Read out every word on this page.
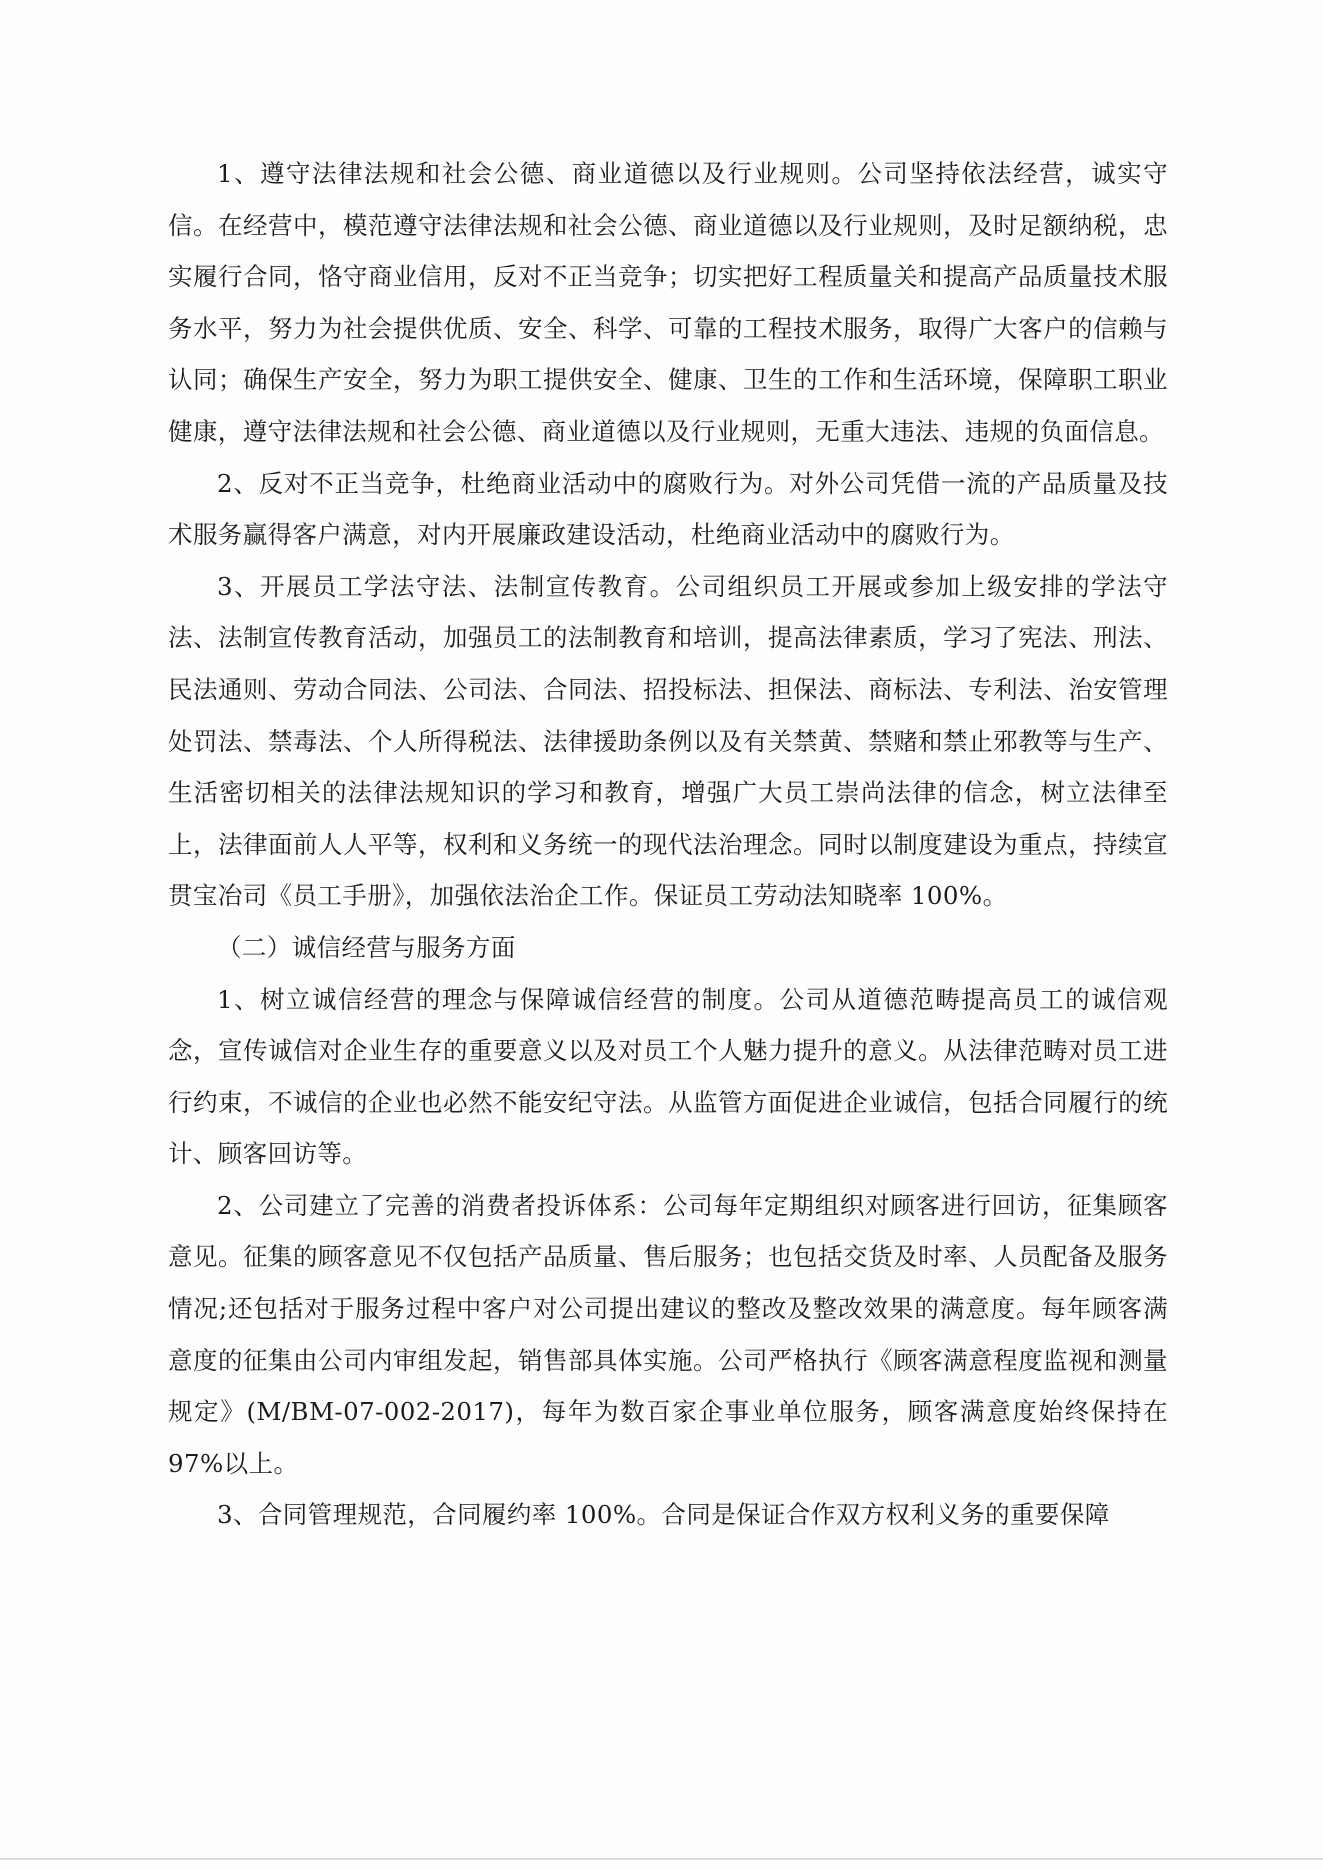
1、遵守法律法规和社会公德、商业道德以及行业规则。公司坚持依法经营，诚实守信。在经营中，模范遵守法律法规和社会公德、商业道德以及行业规则，及时足额纳税，忠实履行合同，恪守商业信用，反对不正当竞争；切实把好工程质量关和提高产品质量技术服务水平，努力为社会提供优质、安全、科学、可靠的工程技术服务，取得广大客户的信赖与认同；确保生产安全，努力为职工提供安全、健康、卫生的工作和生活环境，保障职工职业健康，遵守法律法规和社会公德、商业道德以及行业规则，无重大违法、违规的负面信息。

2、反对不正当竞争，杜绝商业活动中的腐败行为。对外公司凭借一流的产品质量及技术服务赢得客户满意，对内开展廉政建设活动，杜绝商业活动中的腐败行为。

3、开展员工学法守法、法制宣传教育。公司组织员工开展或参加上级安排的学法守法、法制宣传教育活动，加强员工的法制教育和培训，提高法律素质，学习了宪法、刑法、民法通则、劳动合同法、公司法、合同法、招投标法、担保法、商标法、专利法、治安管理处罚法、禁毒法、个人所得税法、法律援助条例以及有关禁黄、禁赌和禁止邪教等与生产、生活密切相关的法律法规知识的学习和教育，增强广大员工崇尚法律的信念，树立法律至上，法律面前人人平等，权利和义务统一的现代法治理念。同时以制度建设为重点，持续宣贯宝冶司《员工手册》，加强依法治企工作。保证员工劳动法知晓率 100%。

（二）诚信经营与服务方面

1、树立诚信经营的理念与保障诚信经营的制度。公司从道德范畴提高员工的诚信观念，宣传诚信对企业生存的重要意义以及对员工个人魅力提升的意义。从法律范畴对员工进行约束，不诚信的企业也必然不能安纪守法。从监管方面促进企业诚信，包括合同履行的统计、顾客回访等。

2、公司建立了完善的消费者投诉体系：公司每年定期组织对顾客进行回访，征集顾客意见。征集的顾客意见不仅包括产品质量、售后服务；也包括交货及时率、人员配备及服务情况;还包括对于服务过程中客户对公司提出建议的整改及整改效果的满意度。每年顾客满意度的征集由公司内审组发起，销售部具体实施。公司严格执行《顾客满意程度监视和测量规定》(M/BM-07-002-2017)，每年为数百家企事业单位服务，顾客满意度始终保持在 97%以上。

3、合同管理规范，合同履约率 100%。合同是保证合作双方权利义务的重要保障
